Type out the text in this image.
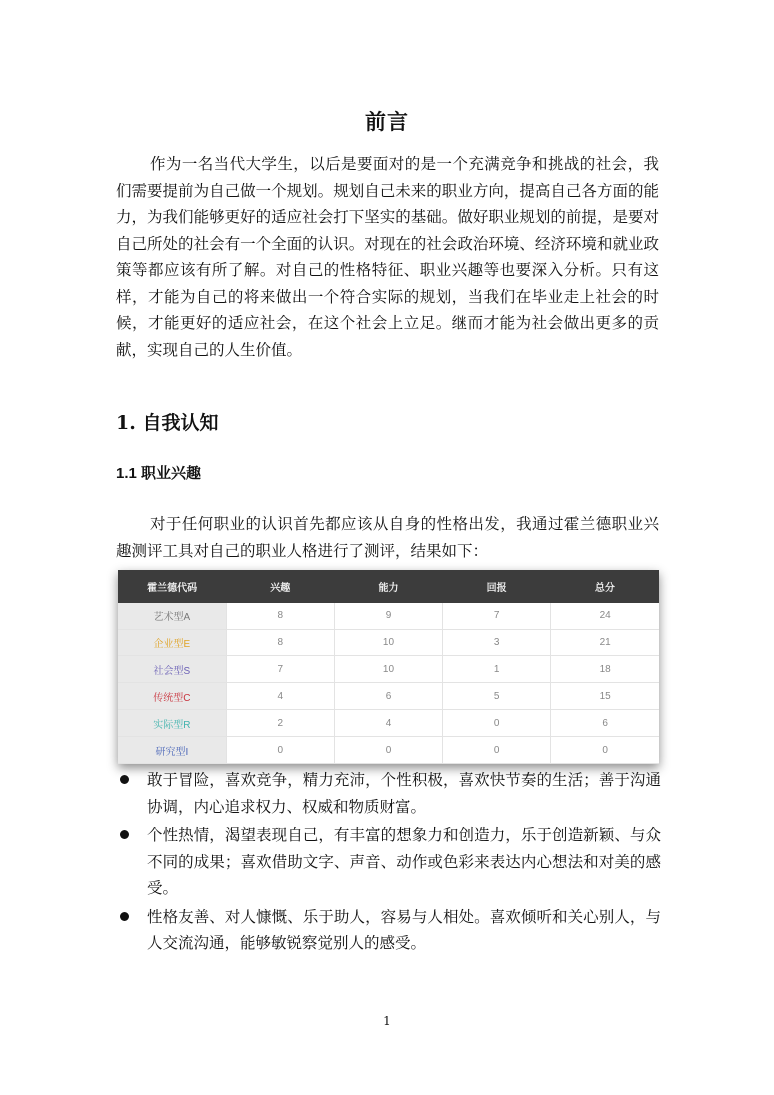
前言

作为一名当代大学生，以后是要面对的是一个充满竞争和挑战的社会，我们需要提前为自己做一个规划。规划自己未来的职业方向，提高自己各方面的能力，为我们能够更好的适应社会打下坚实的基础。做好职业规划的前提，是要对自己所处的社会有一个全面的认识。对现在的社会政治环境、经济环境和就业政策等都应该有所了解。对自己的性格特征、职业兴趣等也要深入分析。只有这样，才能为自己的将来做出一个符合实际的规划，当我们在毕业走上社会的时候，才能更好的适应社会，在这个社会上立足。继而才能为社会做出更多的贡献，实现自己的人生价值。

1. 自我认知
1.1 职业兴趣

对于任何职业的认识首先都应该从自身的性格出发，我通过霍兰德职业兴趣测评工具对自己的职业人格进行了测评，结果如下：

霍兰德代码	兴趣	能力	回报	总分
艺术型A	8	9	7	24
企业型E	8	10	3	21
社会型S	7	10	1	18
传统型C	4	6	5	15
实际型R	2	4	0	6
研究型I	0	0	0	0
敢于冒险，喜欢竞争，精力充沛，个性积极，喜欢快节奏的生活；善于沟通协调，内心追求权力、权威和物质财富。
个性热情，渴望表现自己，有丰富的想象力和创造力，乐于创造新颖、与众不同的成果；喜欢借助文字、声音、动作或色彩来表达内心想法和对美的感受。
性格友善、对人慷慨、乐于助人，容易与人相处。喜欢倾听和关心别人，与人交流沟通，能够敏锐察觉别人的感受。
1
